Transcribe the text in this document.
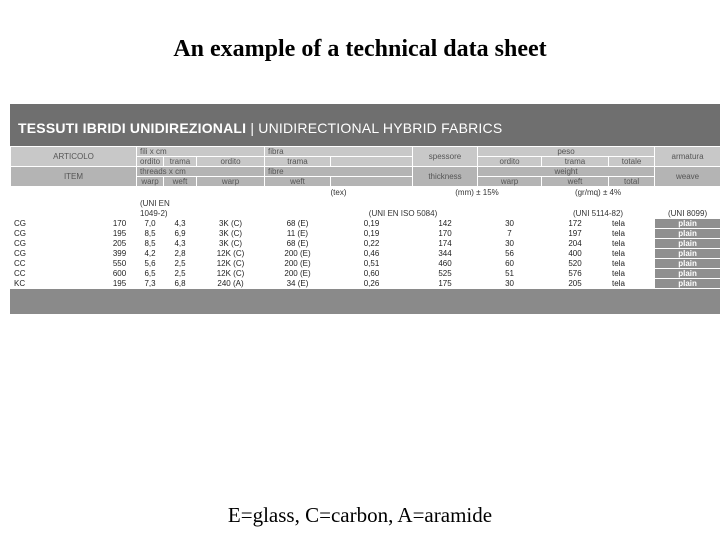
An example of a technical data sheet
TESSUTI IBRIDI UNIDIREZIONALI | UNIDIRECTIONAL HYBRID FABRICS
ARTICOLO		fili x cm			fibra		spessore	peso			armatura
		ordito	trama	ordito	trama			ordito	trama	totale	
ITEM		threads x cm			fibre		thickness	weight			weave
		warp	weft	warp	weft			warp	weft	total	
					(tex)		(mm) ± 15%		(gr/mq) ± 4%		
		(UNI EN									
		1049-2)			(UNI EN ISO 5084)				(UNI 5114-82)		(UNI 8099)
CG	170	7,0	4,3	3K (C)	68 (E)	0,19	142	30	172	tela	plain
CG	195	8,5	6,9	3K (C)	11 (E)	0,19	170	7	197	tela	plain
CG	205	8,5	4,3	3K (C)	68 (E)	0,22	174	30	204	tela	plain
CG	399	4,2	2,8	12K (C)	200 (E)	0,46	344	56	400	tela	plain
CC	550	5,6	2,5	12K (C)	200 (E)	0,51	460	60	520	tela	plain
CC	600	6,5	2,5	12K (C)	200 (E)	0,60	525	51	576	tela	plain
KC	195	7,3	6,8	240 (A)	34 (E)	0,26	175	30	205	tela	plain
E=glass, C=carbon, A=aramide
